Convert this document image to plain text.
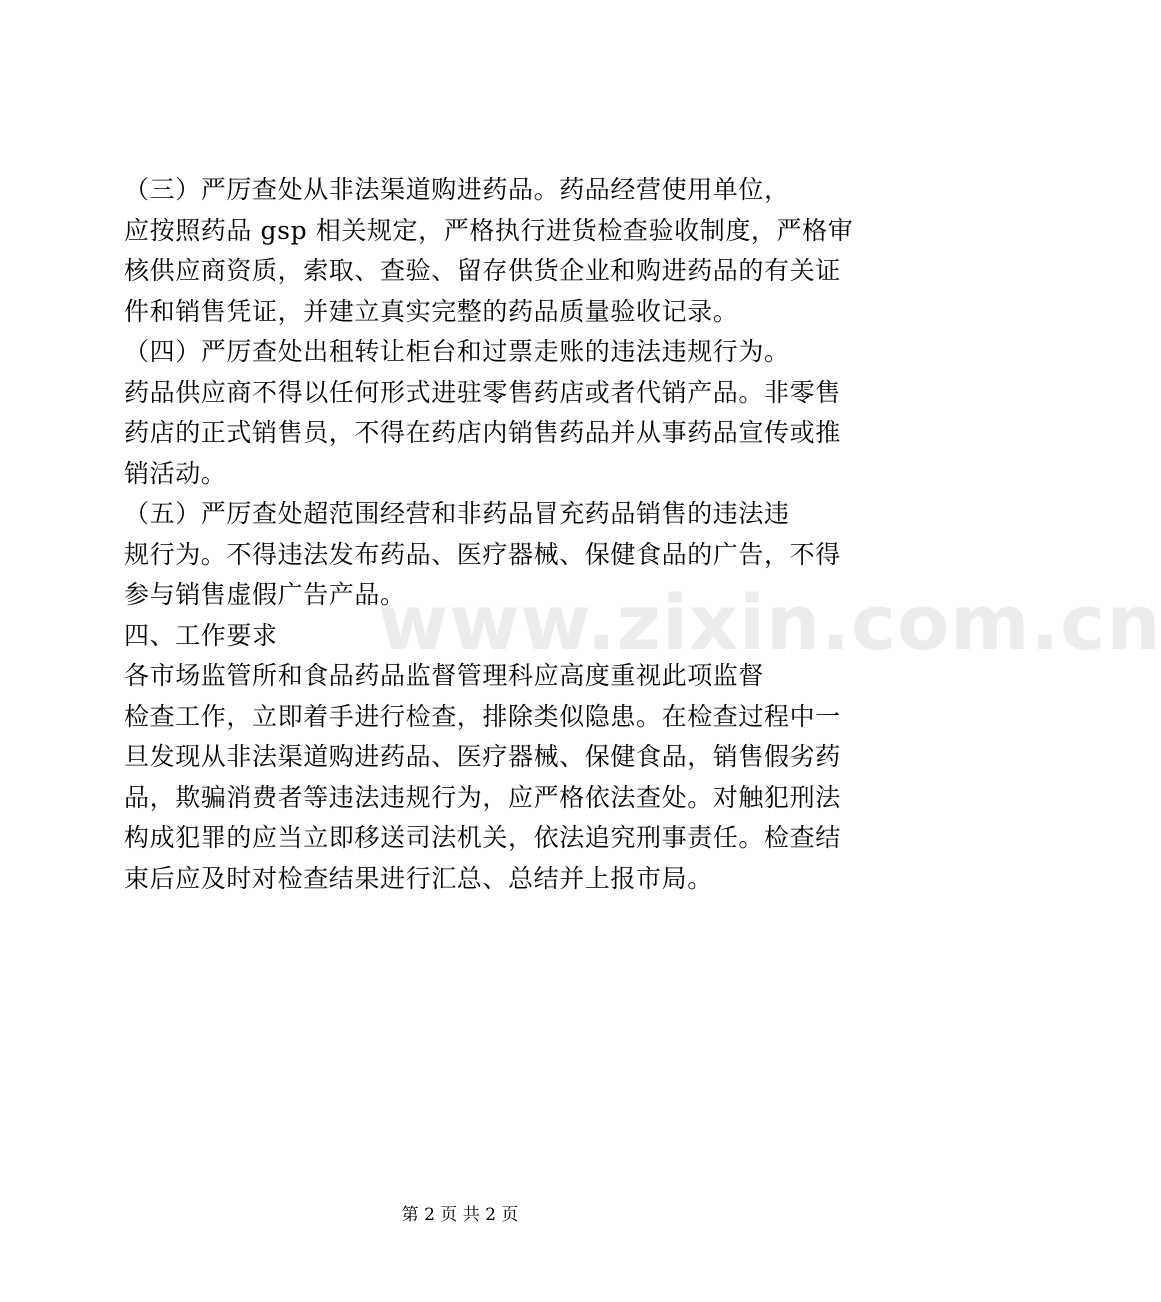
（三）严厉查处从非法渠道购进药品。药品经营使用单位，
应按照药品 gsp 相关规定，严格执行进货检查验收制度，严格审
核供应商资质，索取、查验、留存供货企业和购进药品的有关证
件和销售凭证，并建立真实完整的药品质量验收记录。
（四）严厉查处出租转让柜台和过票走账的违法违规行为。
药品供应商不得以任何形式进驻零售药店或者代销产品。非零售
药店的正式销售员，不得在药店内销售药品并从事药品宣传或推
销活动。
（五）严厉查处超范围经营和非药品冒充药品销售的违法违
规行为。不得违法发布药品、医疗器械、保健食品的广告，不得
参与销售虚假广告产品。
四、工作要求
各市场监管所和食品药品监督管理科应高度重视此项监督
检查工作，立即着手进行检查，排除类似隐患。在检查过程中一
旦发现从非法渠道购进药品、医疗器械、保健食品，销售假劣药
品，欺骗消费者等违法违规行为，应严格依法查处。对触犯刑法
构成犯罪的应当立即移送司法机关，依法追究刑事责任。检查结
束后应及时对检查结果进行汇总、总结并上报市局。
www.zixin.com.cn
第 2 页 共 2 页
